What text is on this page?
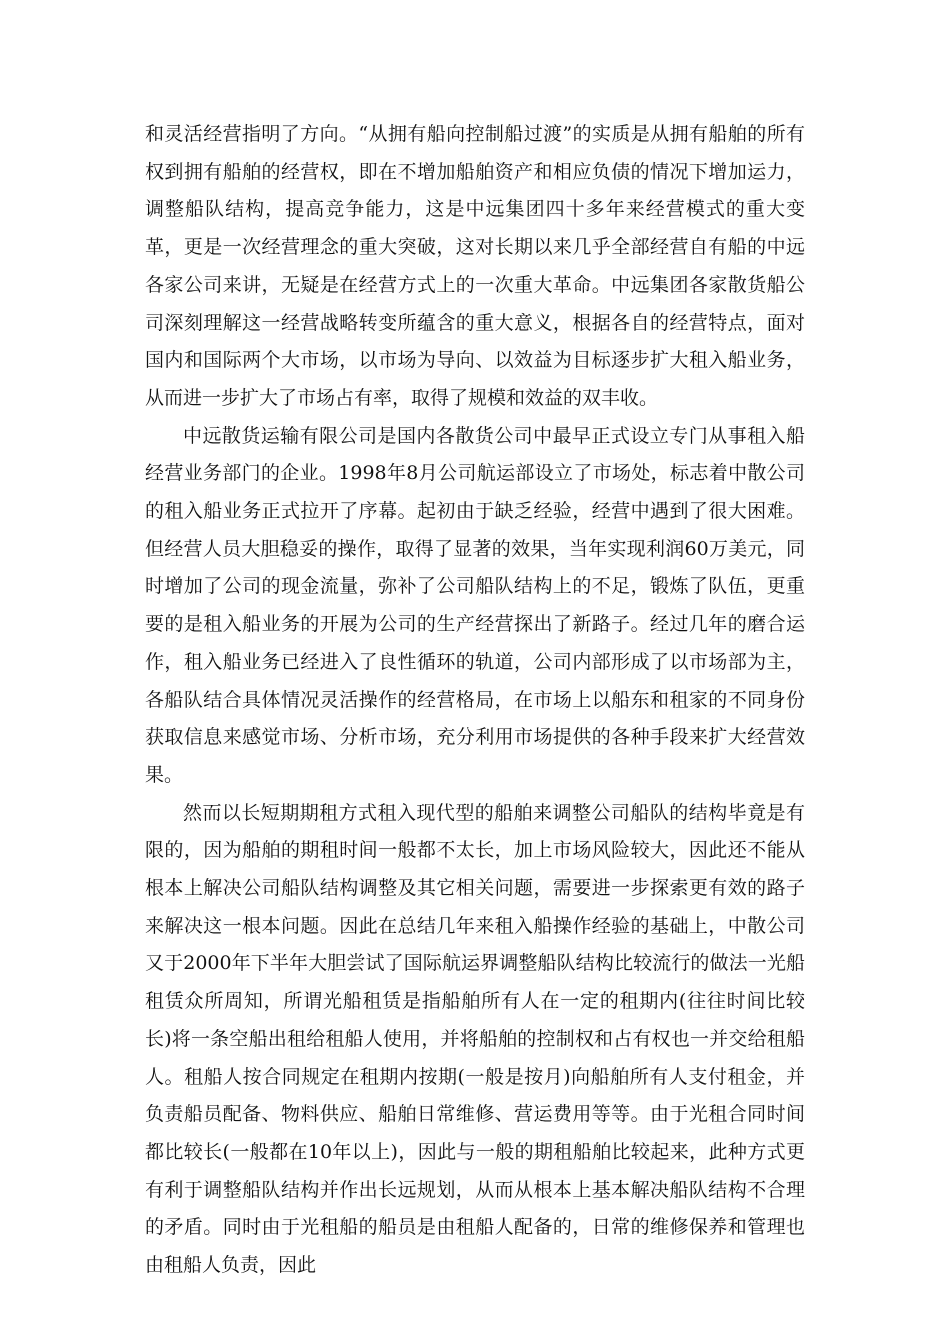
和灵活经营指明了方向。“从拥有船向控制船过渡”的实质是从拥有船舶的所有权到拥有船舶的经营权，即在不增加船舶资产和相应负债的情况下增加运力，调整船队结构，提高竞争能力，这是中远集团四十多年来经营模式的重大变革，更是一次经营理念的重大突破，这对长期以来几乎全部经营自有船的中远各家公司来讲，无疑是在经营方式上的一次重大革命。中远集团各家散货船公司深刻理解这一经营战略转变所蕴含的重大意义，根据各自的经营特点，面对国内和国际两个大市场，以市场为导向、以效益为目标逐步扩大租入船业务，从而进一步扩大了市场占有率，取得了规模和效益的双丰收。

中远散货运输有限公司是国内各散货公司中最早正式设立专门从事租入船经营业务部门的企业。1998年8月公司航运部设立了市场处，标志着中散公司的租入船业务正式拉开了序幕。起初由于缺乏经验，经营中遇到了很大困难。但经营人员大胆稳妥的操作，取得了显著的效果，当年实现利润60万美元，同时增加了公司的现金流量，弥补了公司船队结构上的不足，锻炼了队伍，更重要的是租入船业务的开展为公司的生产经营探出了新路子。经过几年的磨合运作，租入船业务已经进入了良性循环的轨道，公司内部形成了以市场部为主，各船队结合具体情况灵活操作的经营格局，在市场上以船东和租家的不同身份获取信息来感觉市场、分析市场，充分利用市场提供的各种手段来扩大经营效果。

然而以长短期期租方式租入现代型的船舶来调整公司船队的结构毕竟是有限的，因为船舶的期租时间一般都不太长，加上市场风险较大，因此还不能从根本上解决公司船队结构调整及其它相关问题，需要进一步探索更有效的路子来解决这一根本问题。因此在总结几年来租入船操作经验的基础上，中散公司又于2000年下半年大胆尝试了国际航运界调整船队结构比较流行的做法一光船租赁众所周知，所谓光船租赁是指船舶所有人在一定的租期内(往往时间比较长)将一条空船出租给租船人使用，并将船舶的控制权和占有权也一并交给租船人。租船人按合同规定在租期内按期(一般是按月)向船舶所有人支付租金，并负责船员配备、物料供应、船舶日常维修、营运费用等等。由于光租合同时间都比较长(一般都在10年以上)，因此与一般的期租船舶比较起来，此种方式更有利于调整船队结构并作出长远规划，从而从根本上基本解决船队结构不合理的矛盾。同时由于光租船的船员是由租船人配备的，日常的维修保养和管理也由租船人负责，因此
